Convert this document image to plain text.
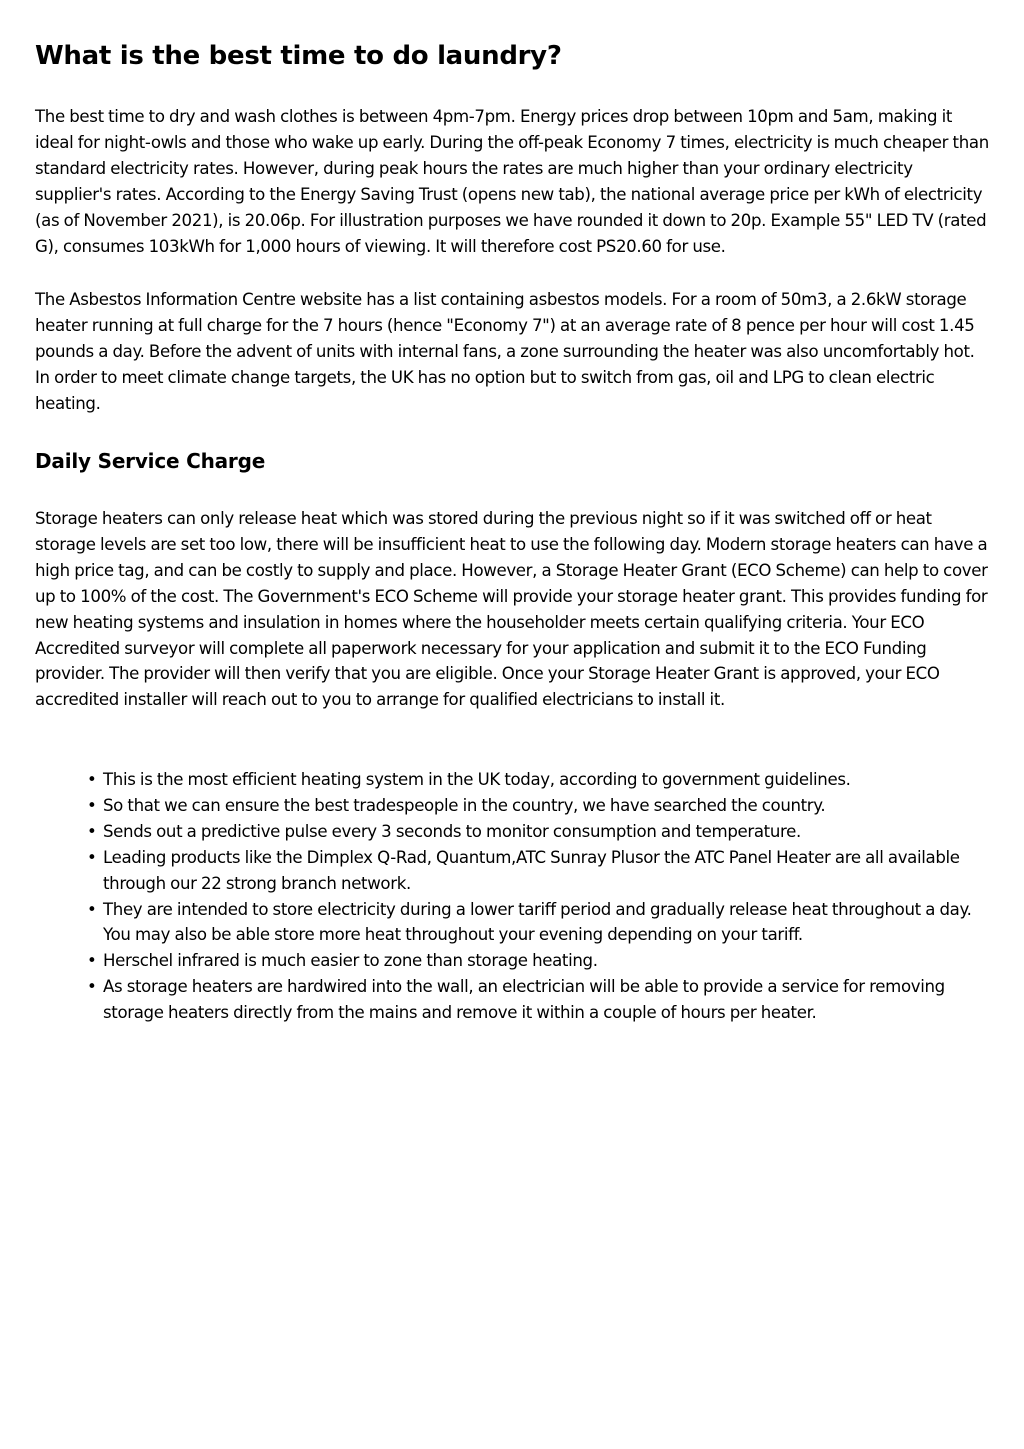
What is the best time to do laundry?

The best time to dry and wash clothes is between 4pm-7pm. Energy prices drop between 10pm and 5am, making it ideal for night-owls and those who wake up early. During the off-peak Economy 7 times, electricity is much cheaper than standard electricity rates. However, during peak hours the rates are much higher than your ordinary electricity supplier's rates. According to the Energy Saving Trust (opens new tab), the national average price per kWh of electricity (as of November 2021), is 20.06p. For illustration purposes we have rounded it down to 20p. Example 55" LED TV (rated G), consumes 103kWh for 1,000 hours of viewing. It will therefore cost PS20.60 for use.

The Asbestos Information Centre website has a list containing asbestos models. For a room of 50m3, a 2.6kW storage heater running at full charge for the 7 hours (hence "Economy 7") at an average rate of 8 pence per hour will cost 1.45 pounds a day. Before the advent of units with internal fans, a zone surrounding the heater was also uncomfortably hot. In order to meet climate change targets, the UK has no option but to switch from gas, oil and LPG to clean electric heating.

Daily Service Charge

Storage heaters can only release heat which was stored during the previous night so if it was switched off or heat storage levels are set too low, there will be insufficient heat to use the following day. Modern storage heaters can have a high price tag, and can be costly to supply and place. However, a Storage Heater Grant (ECO Scheme) can help to cover up to 100% of the cost. The Government's ECO Scheme will provide your storage heater grant. This provides funding for new heating systems and insulation in homes where the householder meets certain qualifying criteria. Your ECO Accredited surveyor will complete all paperwork necessary for your application and submit it to the ECO Funding provider. The provider will then verify that you are eligible. Once your Storage Heater Grant is approved, your ECO accredited installer will reach out to you to arrange for qualified electricians to install it.

• This is the most efficient heating system in the UK today, according to government guidelines.
• So that we can ensure the best tradespeople in the country, we have searched the country.
• Sends out a predictive pulse every 3 seconds to monitor consumption and temperature.
• Leading products like the Dimplex Q-Rad, Quantum,ATC Sunray Plusor the ATC Panel Heater are all available through our 22 strong branch network.
• They are intended to store electricity during a lower tariff period and gradually release heat throughout a day. You may also be able store more heat throughout your evening depending on your tariff.
• Herschel infrared is much easier to zone than storage heating.
• As storage heaters are hardwired into the wall, an electrician will be able to provide a service for removing storage heaters directly from the mains and remove it within a couple of hours per heater.
